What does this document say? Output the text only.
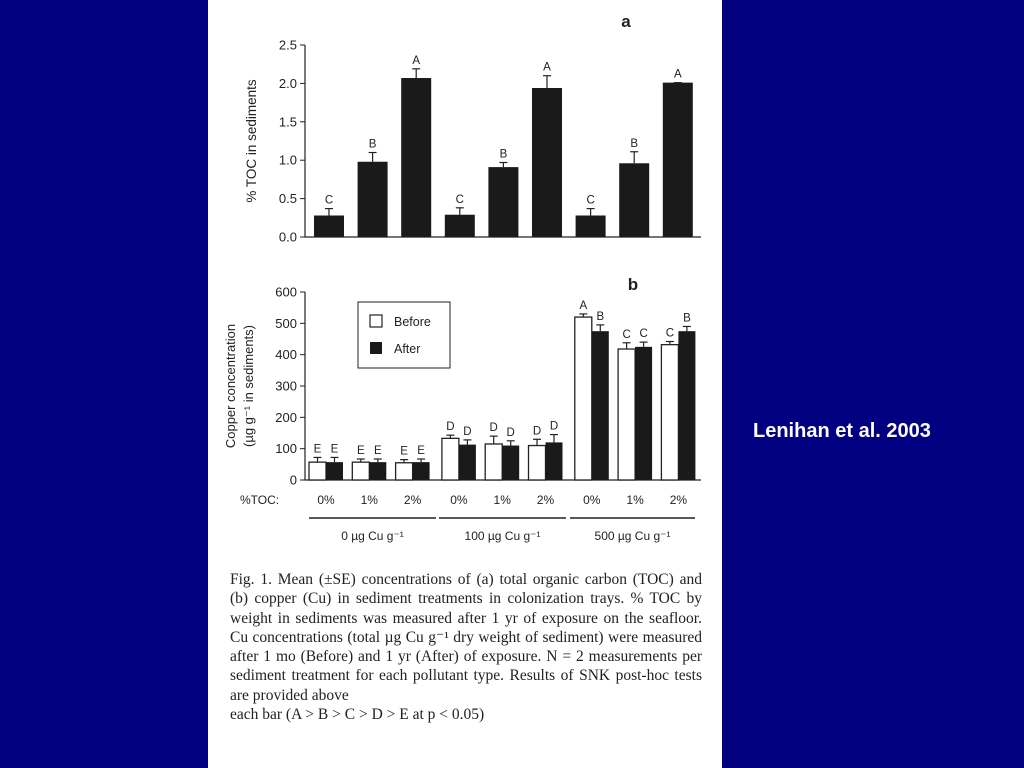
a
0.0
0.5
1.0
1.5
2.0
2.5
% TOC in sediments	C
B
A
C
B
A
C
B
A
b
0
100
200
300
400
500
600
Copper concentration (µg g⁻¹ in sediments)
Before
After
E E E E E E
D D D D D D
A
B
C C C
B
%TOC:	0% 1% 2% 0% 1% 2% 0% 1% 2%
0 µg Cu g⁻¹	100 µg Cu g⁻¹	500 µg Cu g⁻¹
Fig. 1. Mean (±SE) concentrations of (a) total organic carbon (TOC) and (b) copper (Cu) in sediment treatments in colonization trays. % TOC by weight in sediments was measured after 1 yr of exposure on the seafloor. Cu concentrations (total µg Cu g⁻¹ dry weight of sediment) were measured after 1 mo (Before) and 1 yr (After) of exposure. N = 2 measurements per sediment treatment for each pollutant type. Results of SNK post-hoc tests are provided above
each bar (A > B > C > D > E at p < 0.05)
Lenihan et al. 2003
